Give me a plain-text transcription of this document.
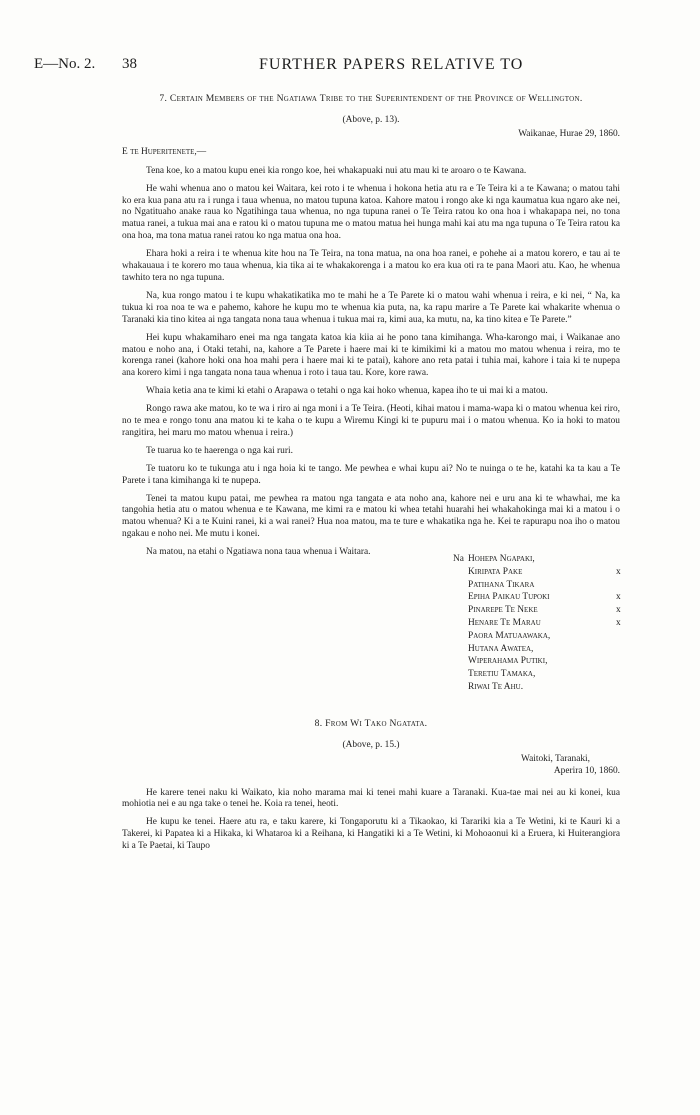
E—No. 2. 38	FURTHER PAPERS RELATIVE TO
7. Certain Members of the Ngatiawa Tribe to the Superintendent of the Province of Wellington.
(Above, p. 13).
Waikanae, Hurae 29, 1860.
E te Huperitenete,—

Tena koe, ko a matou kupu enei kia rongo koe, hei whakapuaki nui atu mau ki te aroaro o te Kawana.

He wahi whenua ano o matou kei Waitara, kei roto i te whenua i hokona hetia atu ra e Te Teira ki a te Kawana; o matou tahi ko era kua pana atu ra i runga i taua whenua, no matou tupuna katoa. Kahore matou i rongo ake ki nga kaumatua kua ngaro ake nei, no Ngatituaho anake raua ko Ngatihinga taua whenua, no nga tupuna ranei o Te Teira ratou ko ona hoa i whakapapa nei, no tona matua ranei, a tukua mai ana e ratou ki o matou tupuna me o matou matua hei hunga mahi kai atu ma nga tupuna o Te Teira ratou ka ona hoa, ma tona matua ranei ratou ko nga matua ona hoa.

Ehara hoki a reira i te whenua kite hou na Te Teira, na tona matua, na ona hoa ranei, e pohehe ai a matou korero, e tau ai te whakauaua i te korero mo taua whenua, kia tika ai te whakakorenga i a matou ko era kua oti ra te pana Maori atu. Kao, he whenua tawhito tera no nga tupuna.

Na, kua rongo matou i te kupu whakatikatika mo te mahi he a Te Parete ki o matou wahi whenua i reira, e ki nei, “ Na, ka tukua ki roa noa te wa e pahemo, kahore he kupu mo te whenua kia puta, na, ka rapu marire a Te Parete kai whakarite whenua o Taranaki kia tino kitea ai nga tangata nona taua whenua i tukua mai ra, kimi aua, ka mutu, na, ka tino kitea e Te Parete.”

Hei kupu whakamiharo enei ma nga tangata katoa kia kiia ai he pono tana kimihanga. Wha-karongo mai, i Waikanae ano matou e noho ana, i Otaki tetahi, na, kahore a Te Parete i haere mai ki te kimikimi ki a matou mo matou whenua i reira, mo te korenga ranei (kahore hoki ona hoa mahi pera i haere mai ki te patai), kahore ano reta patai i tuhia mai, kahore i taia ki te nupepa ana korero kimi i nga tangata nona taua whenua i roto i taua tau. Kore, kore rawa.

Whaia ketia ana te kimi ki etahi o Arapawa o tetahi o nga kai hoko whenua, kapea iho te ui mai ki a matou.

Rongo rawa ake matou, ko te wa i riro ai nga moni i a Te Teira. (Heoti, kihai matou i mama-wapa ki o matou whenua kei riro, no te mea e rongo tonu ana matou ki te kaha o te kupu a Wiremu Kingi ki te pupuru mai i o matou whenua. Ko ia hoki to matou rangitira, hei maru mo matou whenua i reira.)

Te tuarua ko te haerenga o nga kai ruri.

Te tuatoru ko te tukunga atu i nga hoia ki te tango. Me pewhea e whai kupu ai? No te nuinga o te he, katahi ka ta kau a Te Parete i tana kimihanga ki te nupepa.

Tenei ta matou kupu patai, me pewhea ra matou nga tangata e ata noho ana, kahore nei e uru ana ki te whawhai, me ka tangohia hetia atu o matou whenua e te Kawana, me kimi ra e matou ki whea tetahi huarahi hei whakahokinga mai ki a matou i o matou whenua? Ki a te Kuini ranei, ki a wai ranei? Hua noa matou, ma te ture e whakatika nga he. Kei te rapurapu noa iho o matou ngakau e noho nei. Me mutu i konei.

Na matou, na etahi o Ngatiawa nona taua whenua i Waitara.

Na Hohepa Ngapaki,
Kiripata Pake	x
Patihana Tikara
Epiha Paikau Tupoki	x
Pinarepe Te Neke	x
Henare Te Marau	x
Paora Matuaawaka,
Hutana Awatea,
Wiperahama Putiki,
Teretiu Tamaka,
Riwai Te Ahu.
8. From Wi Tako Ngatata.
(Above, p. 15.)
Waitoki, Taranaki,
Aperira 10, 1860.

He karere tenei naku ki Waikato, kia noho marama mai ki tenei mahi kuare a Taranaki. Kua-tae mai nei au ki konei, kua mohiotia nei e au nga take o tenei he. Koia ra tenei, heoti.

He kupu ke tenei. Haere atu ra, e taku karere, ki Tongaporutu ki a Tikaokao, ki Tarariki kia a Te Wetini, ki te Kauri ki a Takerei, ki Papatea ki a Hikaka, ki Whataroa ki a Reihana, ki Hangatiki ki a Te Wetini, ki Mohoaonui ki a Eruera, ki Huiterangiora ki a Te Paetai, ki Taupo
